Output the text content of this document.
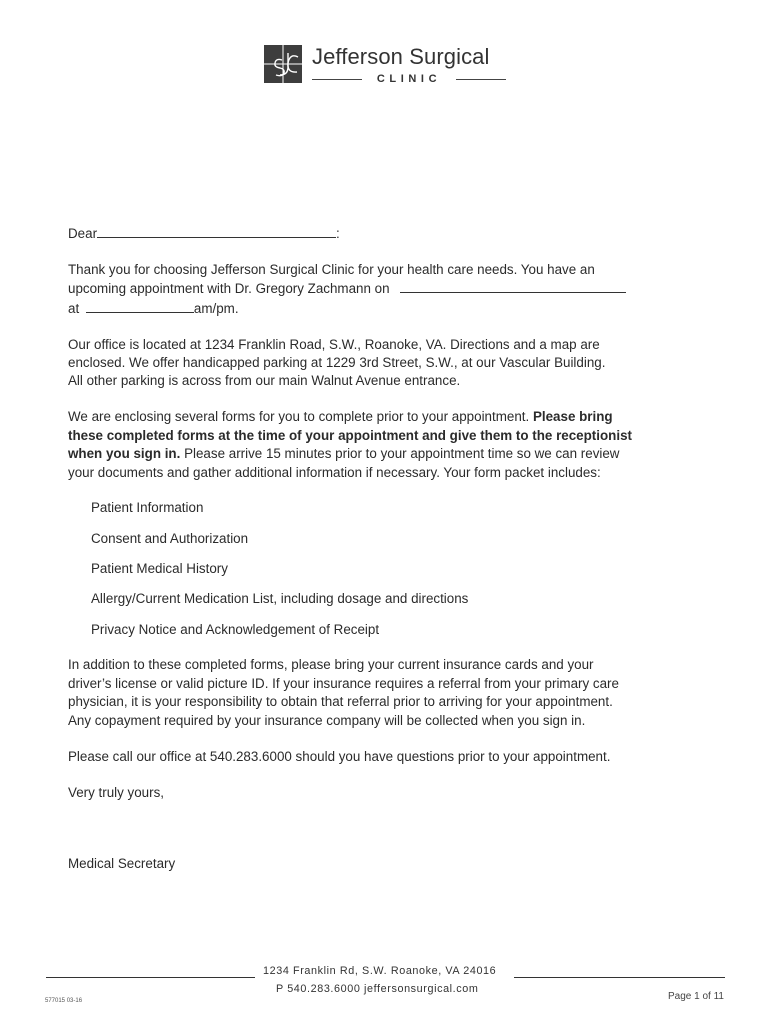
Jefferson Surgical
CLINIC

Dear	:

Thank you for choosing Jefferson Surgical Clinic for your health care needs. You have an

upcoming appointment with Dr. Gregory Zachmann on

at	am/pm.

Our office is located at 1234 Franklin Road, S.W., Roanoke, VA. Directions and a map are

enclosed. We offer handicapped parking at 1229 3rd Street, S.W., at our Vascular Building.

All other parking is across from our main Walnut Avenue entrance.

We are enclosing several forms for you to complete prior to your appointment. Please bring

these completed forms at the time of your appointment and give them to the receptionist

when you sign in. Please arrive 15 minutes prior to your appointment time so we can review

your documents and gather additional information if necessary. Your form packet includes:

Patient Information
Consent and Authorization
Patient Medical History
Allergy/Current Medication List, including dosage and directions
Privacy Notice and Acknowledgement of Receipt

In addition to these completed forms, please bring your current insurance cards and your

driver’s license or valid picture ID. If your insurance requires a referral from your primary care

physician, it is your responsibility to obtain that referral prior to arriving for your appointment.

Any copayment required by your insurance company will be collected when you sign in.

Please call our office at 540.283.6000 should you have questions prior to your appointment.

Very truly yours,

Medical Secretary

1234 Franklin Rd, S.W. Roanoke, VA 24016
P 540.283.6000 jeffersonsurgical.com
577015 03-16	Page 1 of 11
